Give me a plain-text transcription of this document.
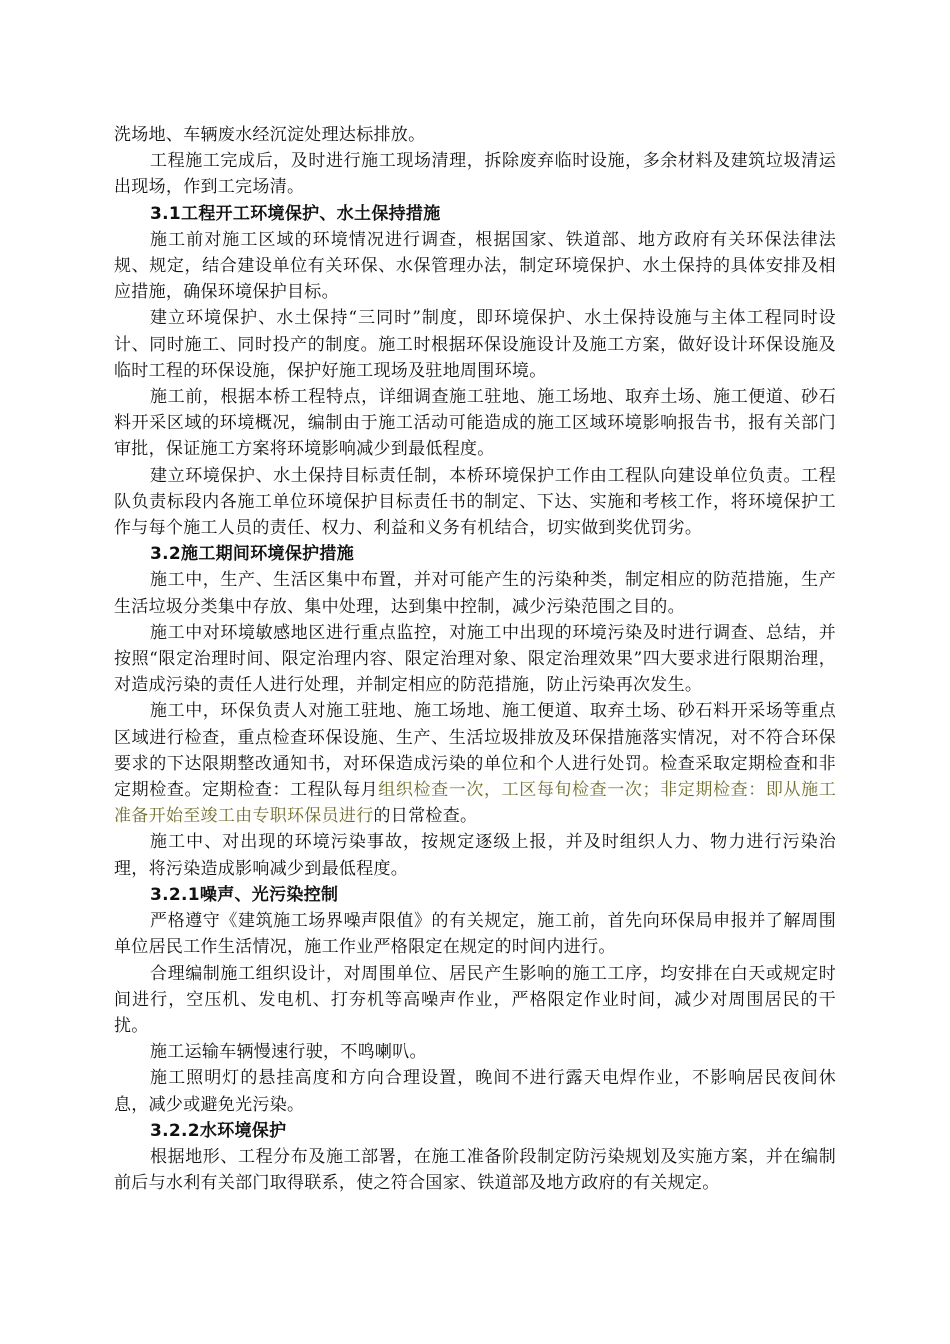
洗场地、车辆废水经沉淀处理达标排放。

工程施工完成后，及时进行施工现场清理，拆除废弃临时设施，多余材料及建筑垃圾清运出现场，作到工完场清。

3.1工程开工环境保护、水土保持措施

施工前对施工区域的环境情况进行调查，根据国家、铁道部、地方政府有关环保法律法规、规定，结合建设单位有关环保、水保管理办法，制定环境保护、水土保持的具体安排及相应措施，确保环境保护目标。

建立环境保护、水土保持“三同时”制度，即环境保护、水土保持设施与主体工程同时设计、同时施工、同时投产的制度。施工时根据环保设施设计及施工方案，做好设计环保设施及临时工程的环保设施，保护好施工现场及驻地周围环境。

施工前，根据本桥工程特点，详细调查施工驻地、施工场地、取弃土场、施工便道、砂石料开采区域的环境概况，编制由于施工活动可能造成的施工区域环境影响报告书，报有关部门审批，保证施工方案将环境影响减少到最低程度。

建立环境保护、水土保持目标责任制，本桥环境保护工作由工程队向建设单位负责。工程队负责标段内各施工单位环境保护目标责任书的制定、下达、实施和考核工作，将环境保护工作与每个施工人员的责任、权力、利益和义务有机结合，切实做到奖优罚劣。

3.2施工期间环境保护措施

施工中，生产、生活区集中布置，并对可能产生的污染种类，制定相应的防范措施，生产生活垃圾分类集中存放、集中处理，达到集中控制，减少污染范围之目的。

施工中对环境敏感地区进行重点监控，对施工中出现的环境污染及时进行调查、总结，并按照“限定治理时间、限定治理内容、限定治理对象、限定治理效果”四大要求进行限期治理，对造成污染的责任人进行处理，并制定相应的防范措施，防止污染再次发生。

施工中，环保负责人对施工驻地、施工场地、施工便道、取弃土场、砂石料开采场等重点区域进行检查，重点检查环保设施、生产、生活垃圾排放及环保措施落实情况，对不符合环保要求的下达限期整改通知书，对环保造成污染的单位和个人进行处罚。检查采取定期检查和非定期检查。定期检查：工程队每月组织检查一次，工区每旬检查一次；非定期检查：即从施工准备开始至竣工由专职环保员进行的日常检查。

施工中、对出现的环境污染事故，按规定逐级上报，并及时组织人力、物力进行污染治理，将污染造成影响减少到最低程度。

3.2.1噪声、光污染控制

严格遵守《建筑施工场界噪声限值》的有关规定，施工前，首先向环保局申报并了解周围单位居民工作生活情况，施工作业严格限定在规定的时间内进行。

合理编制施工组织设计，对周围单位、居民产生影响的施工工序，均安排在白天或规定时间进行，空压机、发电机、打夯机等高噪声作业，严格限定作业时间，减少对周围居民的干扰。

施工运输车辆慢速行驶，不鸣喇叭。

施工照明灯的悬挂高度和方向合理设置，晚间不进行露天电焊作业，不影响居民夜间休息，减少或避免光污染。

3.2.2水环境保护

根据地形、工程分布及施工部署，在施工准备阶段制定防污染规划及实施方案，并在编制前后与水利有关部门取得联系，使之符合国家、铁道部及地方政府的有关规定。
